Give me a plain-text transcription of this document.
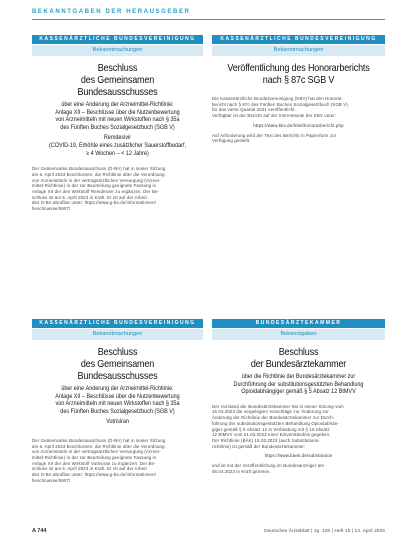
BEKANNTGABEN DER HERAUSGEBER
KASSENÄRZTLICHE BUNDESVEREINIGUNG
Bekanntmachungen
Beschluss
des Gemeinsamen Bundesausschusses
über eine Änderung der Arzneimittel-Richtlinie:
Anlage XII – Beschlüsse über die Nutzenbewertung
von Arzneimitteln mit neuen Wirkstoffen nach § 35a
des Fünften Buches Sozialgesetzbuch (SGB V)
Remdesivir
(COVID-19, Erhöhte eines zusätzlicher Sauerstoffbedarf,
≥ 4 Wochen – < 12 Jahre)
Der Gemeinsame Bundesausschuss (G-BA) hat in seiner Sitzung
am 6. April 2023 beschlossen, die Richtlinie über die Verordnung
von Arzneimitteln in der vertragsärztlichen Versorgung (Arznei-
mittel-Richtlinie) in der zur Beurteilung geeignete Fassung in
Anlage XII der den Wirkstoff Remdesivir zu ergänzen. Der Be-
schluss ist am 6. April 2023 in Kraft. Er ist auf der Arbeit
des G-BA abrufbar unter: https://www.g-ba.de/informationen/
beschluesse/5907/
KASSENÄRZTLICHE BUNDESVEREINIGUNG
Bekanntmachungen
Veröffentlichung des Honorarberichts
nach § 87c SGB V
Die Kassenärztliche Bundesvereinigung (KBV) hat den Honorar-
bericht nach § 87c des Fünften Buches Sozialgesetzbuch (SGB V)
für das vierte Quartal 2021 veröffentlicht.
Verfügbar ist der Bericht auf der Internetseite der KBV unter:
https://www.kbv.de/html/honorarbericht.php
Auf Anforderung wird der Text des Berichts in Papierform zur
Verfügung gestellt.
KASSENÄRZTLICHE BUNDESVEREINIGUNG
Bekanntmachungen
Beschluss
des Gemeinsamen Bundesausschusses
über eine Änderung der Arzneimittel-Richtlinie:
Anlage XII – Beschlüsse über die Nutzenbewertung
von Arzneimitteln mit neuen Wirkstoffen nach § 35a
des Fünften Buches Sozialgesetzbuch (SGB V)
Vutrisiran
Der Gemeinsame Bundesausschuss (G-BA) hat in seiner Sitzung
am 6. April 2023 beschlossen, die Richtlinie über die Verordnung
von Arzneimitteln in der vertragsärztlichen Versorgung (Arznei-
mittel-Richtlinie) in der zur Beurteilung geeignete Fassung in
Anlage XII der den Wirkstoff Vutrisiran zu ergänzen. Der Be-
schluss ist am 6. April 2023 in Kraft. Er ist auf der Arbeit
des G-BA abrufbar unter: https://www.g-ba.de/informationen/
beschluesse/5907/
BUNDESÄRZTEKAMMER
Bekanntgaben
Beschluss
der Bundesärztekammer
über die Richtlinie der Bundesärztekammer zur
Durchführung der substitutionsgestützten Behandlung
Opioidabhängiger gemäß § 5 Absatz 12 BtMVV
Der Vorstand der Bundesärztekammer hat in seiner Sitzung vom
16.03.2023 die vorgelegten Vorschläge zur Änderung zur
Änderung der Richtlinie der Bundesärztekammer zur Durch-
führung der substitutionsgestützten Behandlung Opioidabhän-
giger gemäß § 5 Absatz 12 in Verbindung mit § 10 Absatz
12 BtMVV vom 21.03.2023 einer Einverständnis gegeben.
Der Richtlinie (BÄK) 16.03.2023 (auch Substitutions-
richtlinie) ist gemäß der Bundesärztekammer:
https://www.baek.de/substitution
und ist mit der Veröffentlichung im Bundesanzeiger am
06.04.2023 in Kraft getreten.
A 744	Deutsches Ärzteblatt | Jg. 120 | Heft 15 | 14. April 2023
